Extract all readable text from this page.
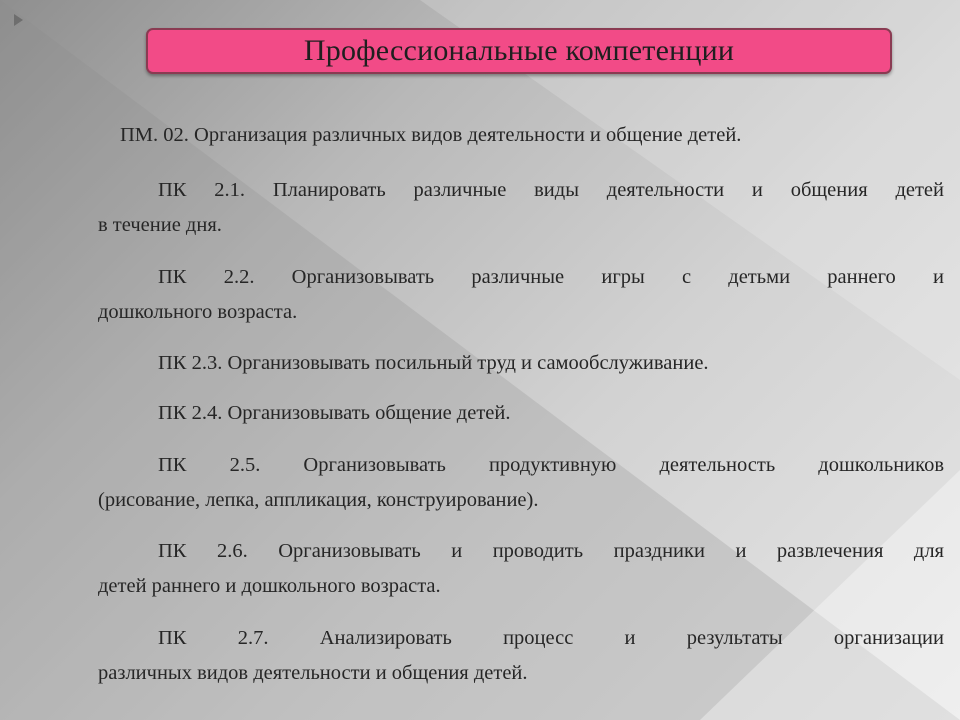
Профессиональные компетенции
ПМ. 02. Организация различных видов деятельности и общение детей.
ПК 2.1. Планировать различные виды деятельности и общения детей
в течение дня.
ПК 2.2. Организовывать различные игры с детьми раннего и
дошкольного возраста.
ПК 2.3. Организовывать посильный труд и самообслуживание.
ПК 2.4. Организовывать общение детей.
ПК 2.5. Организовывать продуктивную деятельность дошкольников
(рисование, лепка, аппликация, конструирование).
ПК 2.6. Организовывать и проводить праздники и развлечения для
детей раннего и дошкольного возраста.
ПК 2.7. Анализировать процесс и результаты организации
различных видов деятельности и общения детей.
